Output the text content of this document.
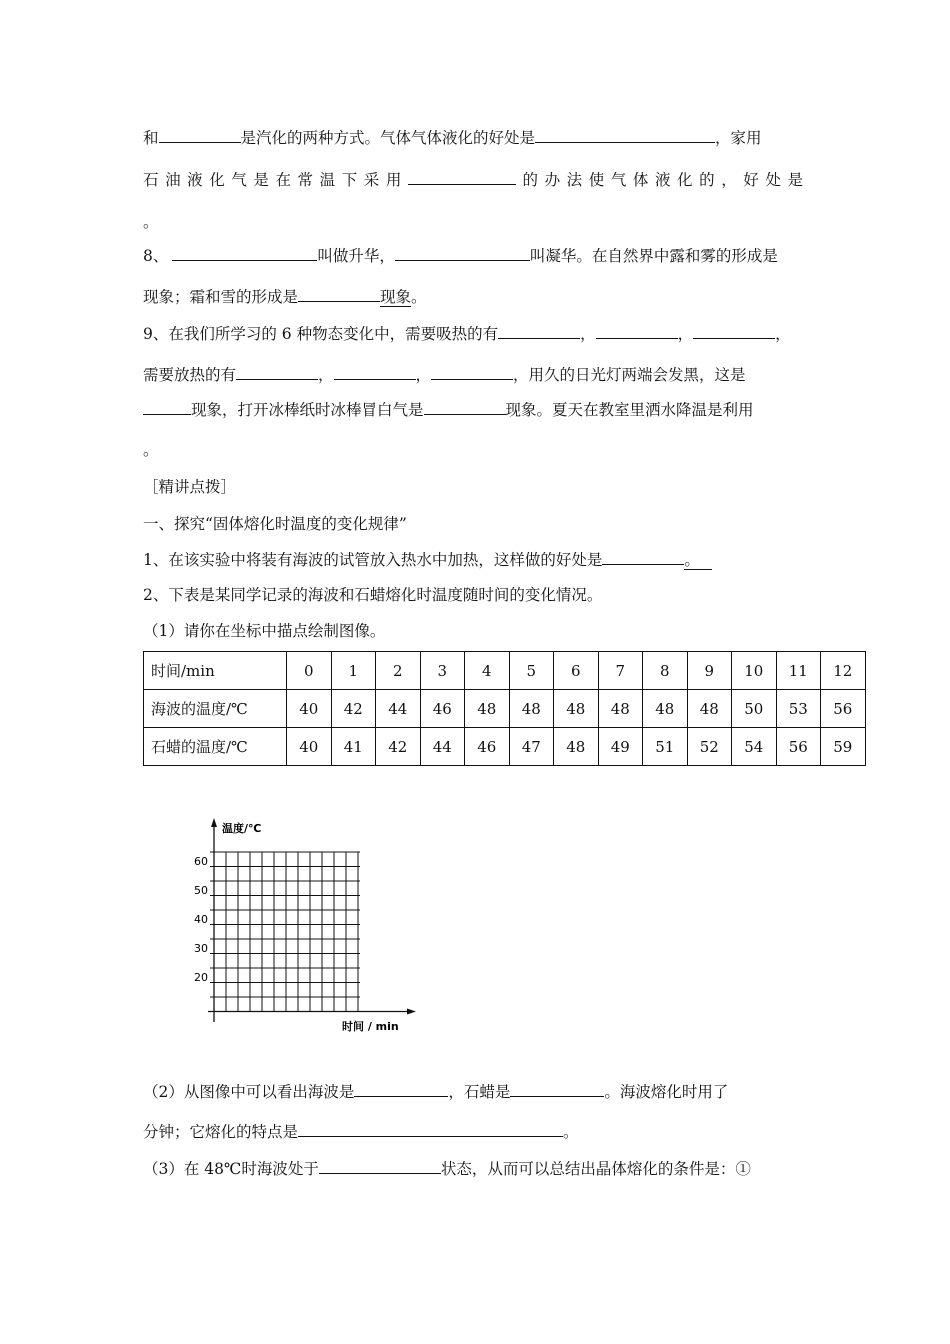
和	是汽化的两种方式。气体气体液化的好处是	，家用
石 油 液 化 气 是 在 常 温 下 采 用	的 办 法 使 气 体 液 化 的 ， 好 处 是
。
8、	叫做升华，	叫凝华。在自然界中露和雾的形成是
现象；霜和雪的形成是	现象。
9、在我们所学习的 6 种物态变化中，需要吸热的有	，	，	，
需要放热的有	，	，	，用久的日光灯两端会发黑，这是
现象，打开冰棒纸时冰棒冒白气是	现象。夏天在教室里洒水降温是利用
。
［精讲点拨］
一、探究“固体熔化时温度的变化规律”
1、在该实验中将装有海波的试管放入热水中加热，这样做的好处是	。
2、下表是某同学记录的海波和石蜡熔化时温度随时间的变化情况。
（1）请你在坐标中描点绘制图像。
时间/min	0	1	2	3	4	5	6	7	8	9	10	11	12
海波的温度/℃	40	42	44	46	48	48	48	48	48	48	50	53	56
石蜡的温度/℃	40	41	42	44	46	47	48	49	51	52	54	56	59
温度/℃
时间 / min
60
50
40
30
20
（2）从图像中可以看出海波是	，石蜡是	。海波熔化时用了
分钟；它熔化的特点是	。
（3）在 48℃时海波处于	状态，从而可以总结出晶体熔化的条件是：①
